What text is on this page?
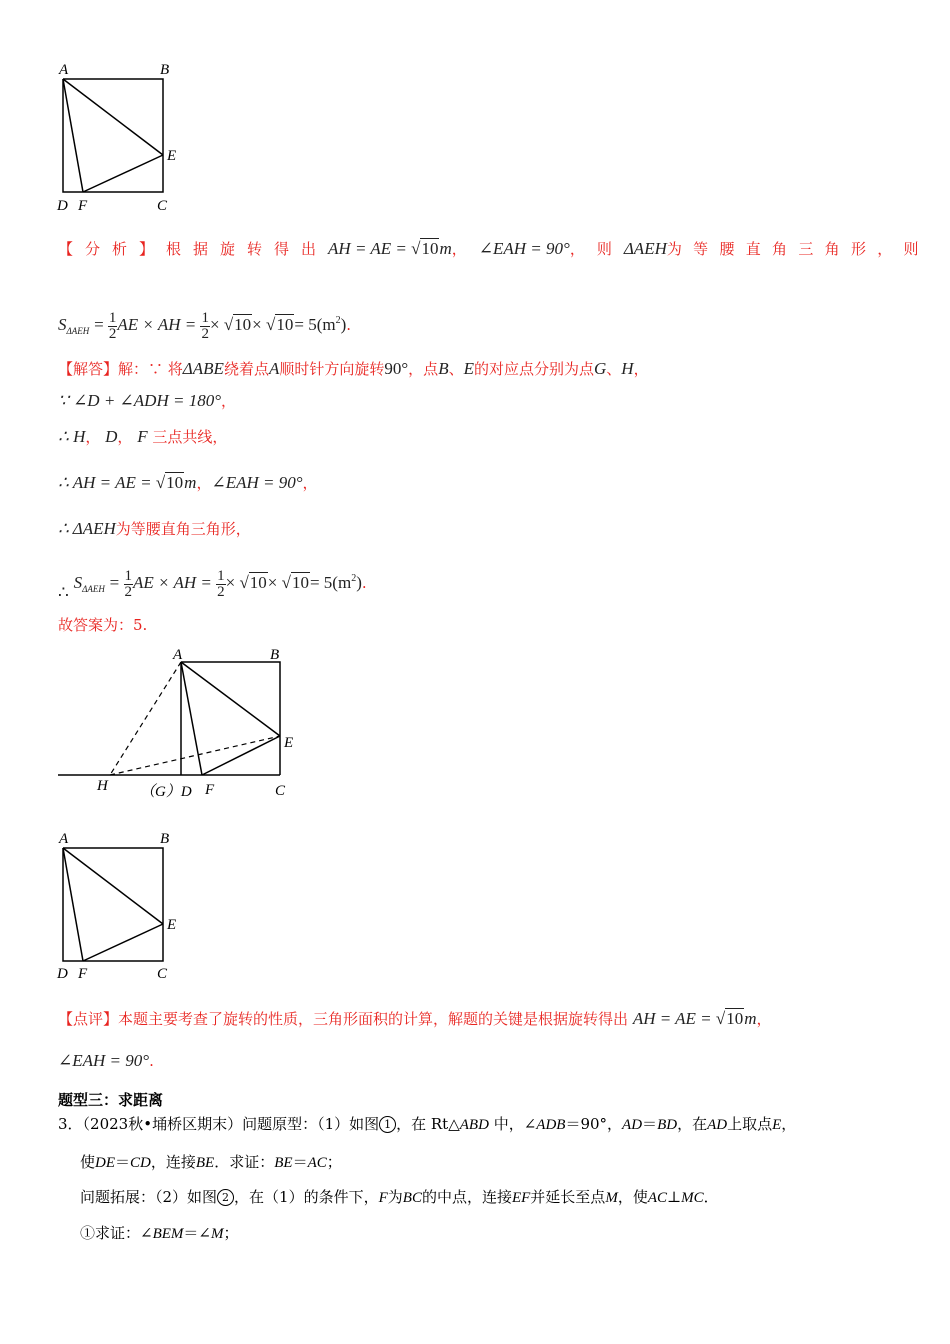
A	B
E
D F	C
【分析】根据旋转得出AH = AE = √10m，∠EAH = 90°，则ΔAEH为等腰直角三角形，则
$S_{\Delta AEH} = \frac{1}{2}$ AE × AH = $\frac{1}{2} \times √10\times √10= 5(m^2)$.
【解答】解：∵ 将ΔABE绕着点A顺时针方向旋转90°，点B、E的对应点分别为点G、H，
∵ ∠D + ∠ADH = 180°，
∴ H， D， F 三点共线，
∴ AH = AE = √10m，∠EAH = 90°，
∴ ΔAEH为等腰直角三角形，
∴ $S_{\Delta AEH} = \frac{1}{2}$ AE × AH = $\frac{1}{2} \times √10\times √10= 5(m^2)$.
故答案为：5.
A	B
E
H （G）D F	C
A	B
E
D F	C
【点评】本题主要考查了旋转的性质，三角形面积的计算，解题的关键是根据旋转得出 AH = AE = √10m，
∠EAH = 90°.
题型三：求距离
3．（2023秋•埇桥区期末）问题原型：（1）如图 1 ，在 Rt△ABD 中，∠ADB＝90°，AD＝BD，在AD上取点E，
使DE＝CD，连接BE．求证：BE＝AC；
问题拓展：（2）如图 2 ，在（1）的条件下，F为BC的中点，连接EF并延长至点M，使AC⊥MC．
①求证：∠BEM＝∠M；
